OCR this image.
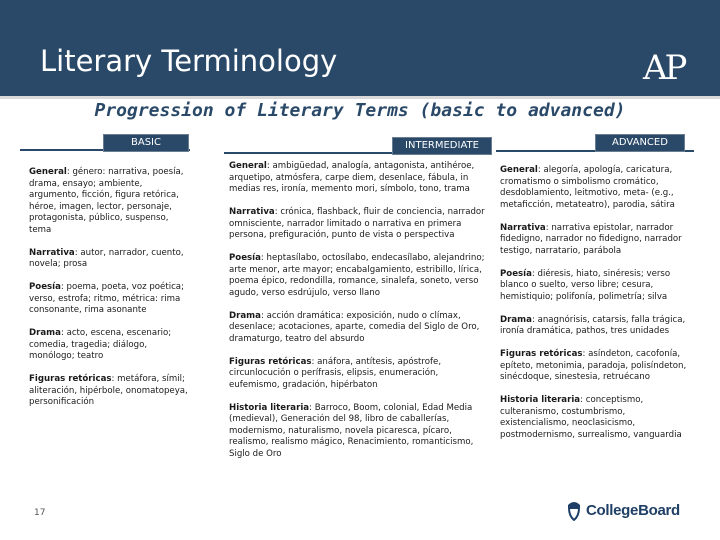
Literary Terminology	AP
Progression of Literary Terms (basic to advanced)
BASIC	INTERMEDIATE	ADVANCED
General: género: narrativa, poesía, drama, ensayo; ambiente, argumento, ficción, figura retórica, héroe, imagen, lector, personaje, protagonista, público, suspenso, tema
Narrativa: autor, narrador, cuento, novela; prosa
Poesía: poema, poeta, voz poética; verso, estrofa; ritmo, métrica: rima consonante, rima asonante
Drama: acto, escena, escenario; comedia, tragedia; diálogo, monólogo; teatro
Figuras retóricas: metáfora, símil; aliteración, hipérbole, onomatopeya, personificación
General: ambigüedad, analogía, antagonista, antihéroe, arquetipo, atmósfera, carpe diem, desenlace, fábula, in medias res, ironía, memento mori, símbolo, tono, trama
Narrativa: crónica, flashback, fluir de conciencia, narrador omnisciente, narrador limitado o narrativa en primera persona, prefiguración, punto de vista o perspectiva
Poesía: heptasílabo, octosílabo, endecasílabo, alejandrino; arte menor, arte mayor; encabalgamiento, estribillo, lírica, poema épico, redondilla, romance, sinalefa, soneto, verso agudo, verso esdrújulo, verso llano
Drama: acción dramática: exposición, nudo o clímax, desenlace; acotaciones, aparte, comedia del Siglo de Oro, dramaturgo, teatro del absurdo
Figuras retóricas: anáfora, antítesis, apóstrofe, circunlocución o perífrasis, elipsis, enumeración, eufemismo, gradación, hipérbaton
Historia literaria: Barroco, Boom, colonial, Edad Media (medieval), Generación del 98, libro de caballerías, modernismo, naturalismo, novela picaresca, pícaro, realismo, realismo mágico, Renacimiento, romanticismo, Siglo de Oro
General: alegoría, apología, caricatura, cromatismo o simbolismo cromático, desdoblamiento, leitmotivo, meta- (e.g., metaficción, metateatro), parodia, sátira
Narrativa: narrativa epistolar, narrador fidedigno, narrador no fidedigno, narrador testigo, narratario, parábola
Poesía: diéresis, hiato, sinéresis; verso blanco o suelto, verso libre; cesura, hemistiquio; polifonía, polimetría; silva
Drama: anagnórisis, catarsis, falla trágica, ironía dramática, pathos, tres unidades
Figuras retóricas: asíndeton, cacofonía, epíteto, metonimia, paradoja, polisíndeton, sinécdoque, sinestesia, retruécano
Historia literaria: conceptismo, culteranismo, costumbrismo, existencialismo, neoclasicismo, postmodernismo, surrealismo, vanguardia
17	CollegeBoard
